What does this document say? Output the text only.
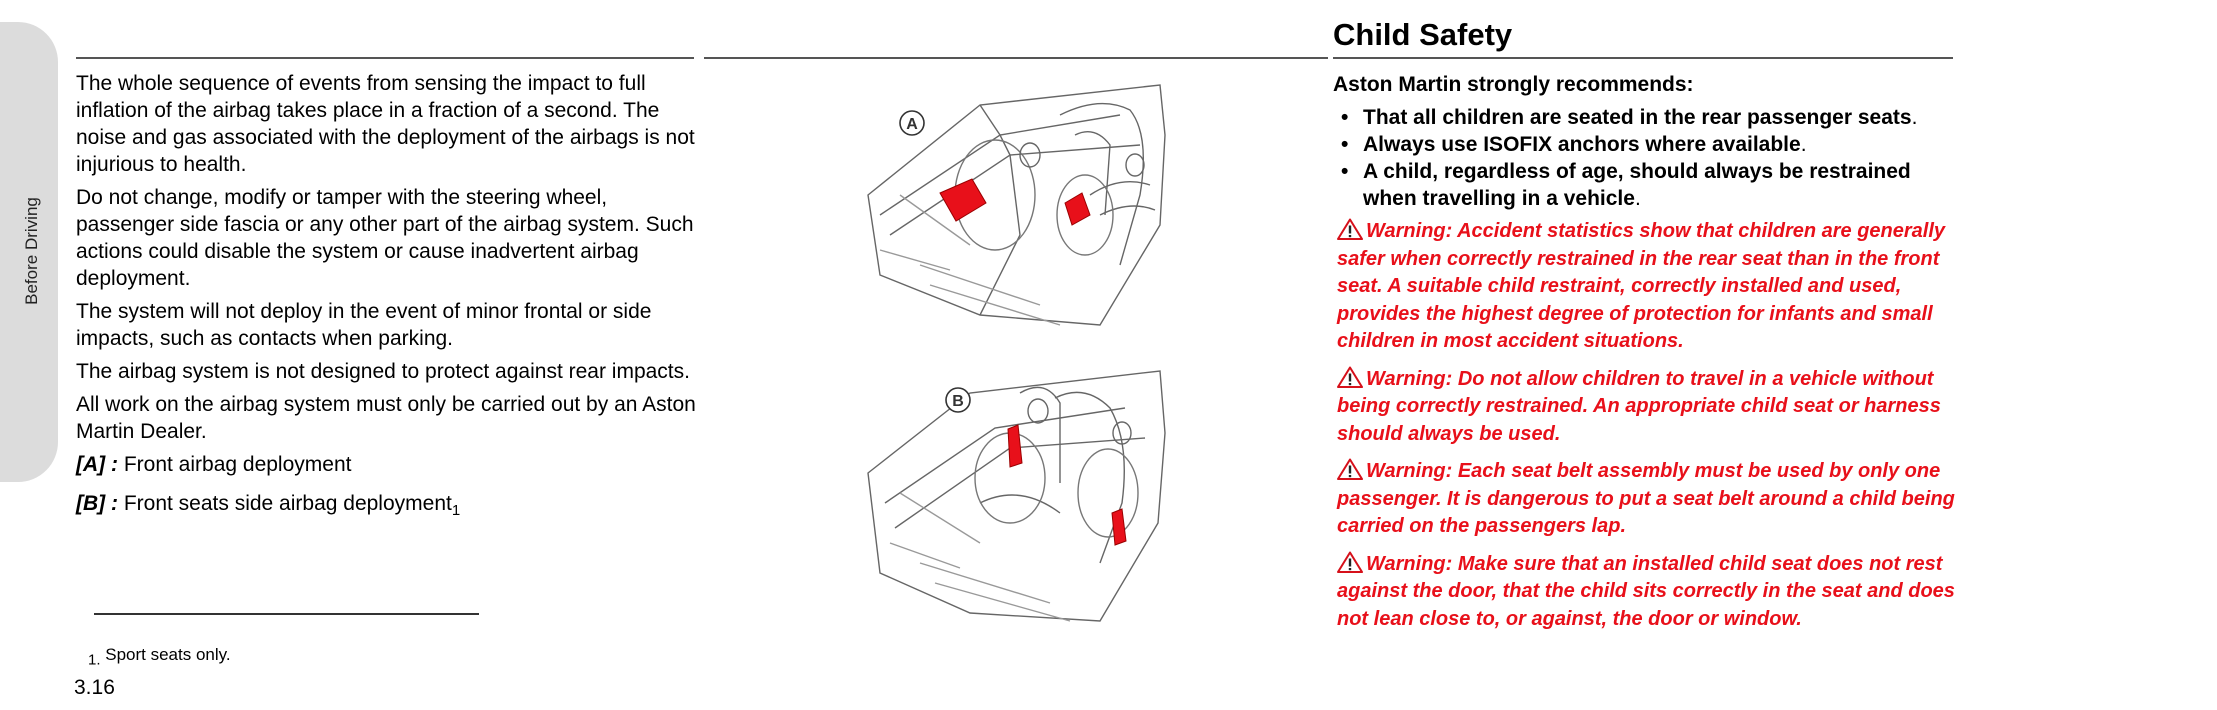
Before Driving
Child Safety

The whole sequence of events from sensing the impact to full inflation of the airbag takes place in a fraction of a second. The noise and gas associated with the deployment of the airbags is not injurious to health.

Do not change, modify or tamper with the steering wheel, passenger side fascia or any other part of the airbag system. Such actions could disable the system or cause inadvertent airbag deployment.

The system will not deploy in the event of minor frontal or side impacts, such as contacts when parking.

The airbag system is not designed to protect against rear impacts.

All work on the airbag system must only be carried out by an Aston Martin Dealer.

[A] : Front airbag deployment
[B] : Front seats side airbag deployment$_1$
$_{1.}$ Sport seats only.
3.16
A
B
Aston Martin strongly recommends:
• That all children are seated in the rear passenger seats.
• Always use ISOFIX anchors where available.
• A child, regardless of age, should always be restrained when travelling in a vehicle.
Warning: Accident statistics show that children are generally safer when correctly restrained in the rear seat than in the front seat. A suitable child restraint, correctly installed and used, provides the highest degree of protection for infants and small children in most accident situations.
Warning: Do not allow children to travel in a vehicle without being correctly restrained. An appropriate child seat or harness should always be used.
Warning: Each seat belt assembly must be used by only one passenger. It is dangerous to put a seat belt around a child being carried on the passengers lap.
Warning: Make sure that an installed child seat does not rest against the door, that the child sits correctly in the seat and does not lean close to, or against, the door or window.
